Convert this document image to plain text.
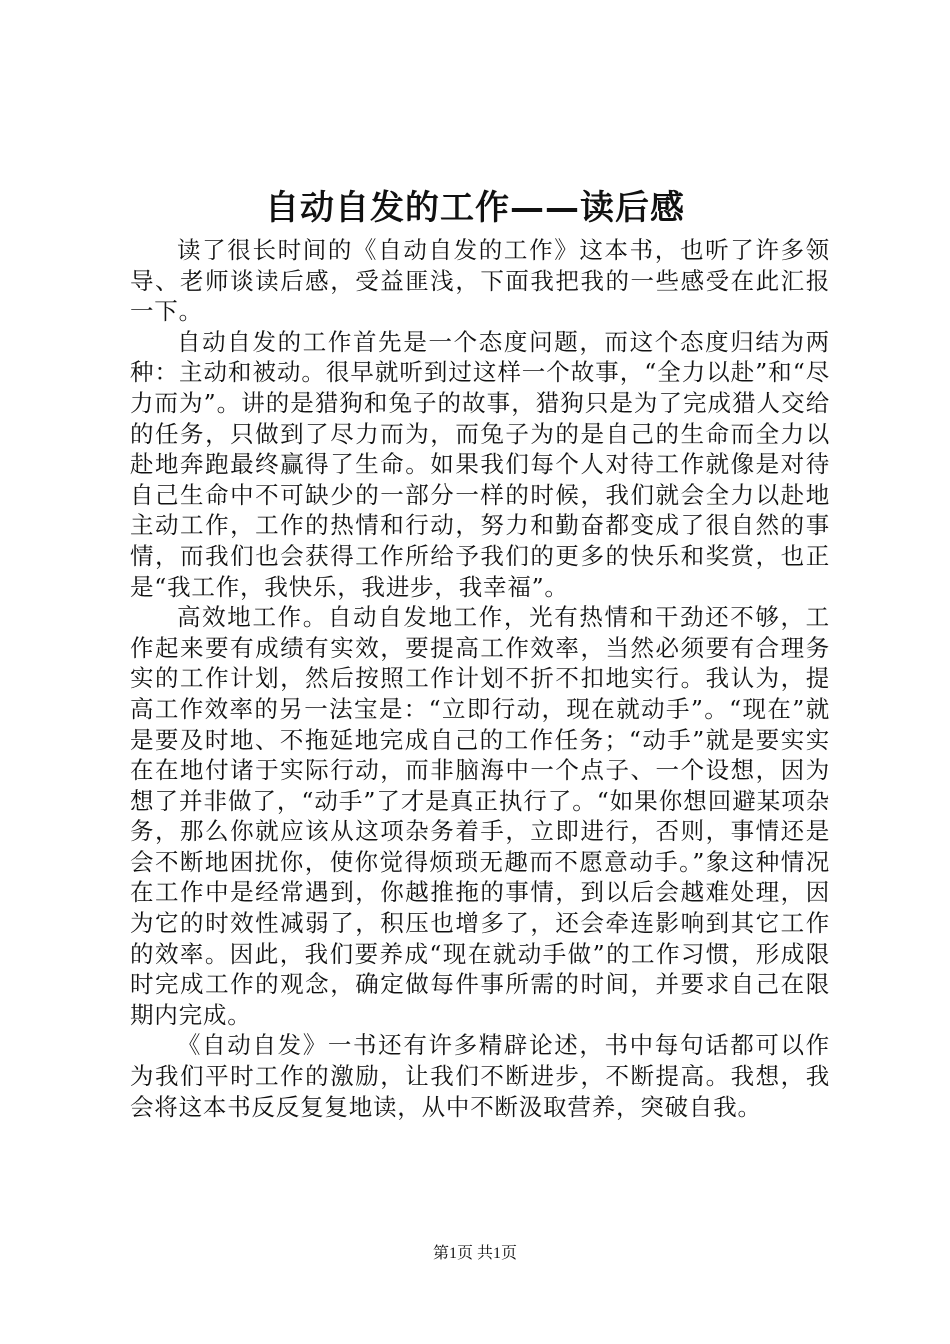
自动自发的工作——读后感

读了很长时间的《自动自发的工作》这本书，也听了许多领导、老师谈读后感，受益匪浅，下面我把我的一些感受在此汇报一下。

自动自发的工作首先是一个态度问题，而这个态度归结为两种：主动和被动。很早就听到过这样一个故事，“全力以赴”和“尽力而为”。讲的是猎狗和兔子的故事，猎狗只是为了完成猎人交给的任务，只做到了尽力而为，而兔子为的是自己的生命而全力以赴地奔跑最终赢得了生命。如果我们每个人对待工作就像是对待自己生命中不可缺少的一部分一样的时候，我们就会全力以赴地主动工作，工作的热情和行动，努力和勤奋都变成了很自然的事情，而我们也会获得工作所给予我们的更多的快乐和奖赏，也正是“我工作，我快乐，我进步，我幸福”。

高效地工作。自动自发地工作，光有热情和干劲还不够，工作起来要有成绩有实效，要提高工作效率，当然必须要有合理务实的工作计划，然后按照工作计划不折不扣地实行。我认为，提高工作效率的另一法宝是：“立即行动，现在就动手”。“现在”就是要及时地、不拖延地完成自己的工作任务；“动手”就是要实实在在地付诸于实际行动，而非脑海中一个点子、一个设想，因为想了并非做了，“动手”了才是真正执行了。“如果你想回避某项杂务，那么你就应该从这项杂务着手，立即进行，否则，事情还是会不断地困扰你，使你觉得烦琐无趣而不愿意动手。”象这种情况在工作中是经常遇到，你越推拖的事情，到以后会越难处理，因为它的时效性减弱了，积压也增多了，还会牵连影响到其它工作的效率。因此，我们要养成“现在就动手做”的工作习惯，形成限时完成工作的观念，确定做每件事所需的时间，并要求自己在限期内完成。

《自动自发》一书还有许多精辟论述，书中每句话都可以作为我们平时工作的激励，让我们不断进步，不断提高。我想，我会将这本书反反复复地读，从中不断汲取营养，突破自我。

第1页 共1页
